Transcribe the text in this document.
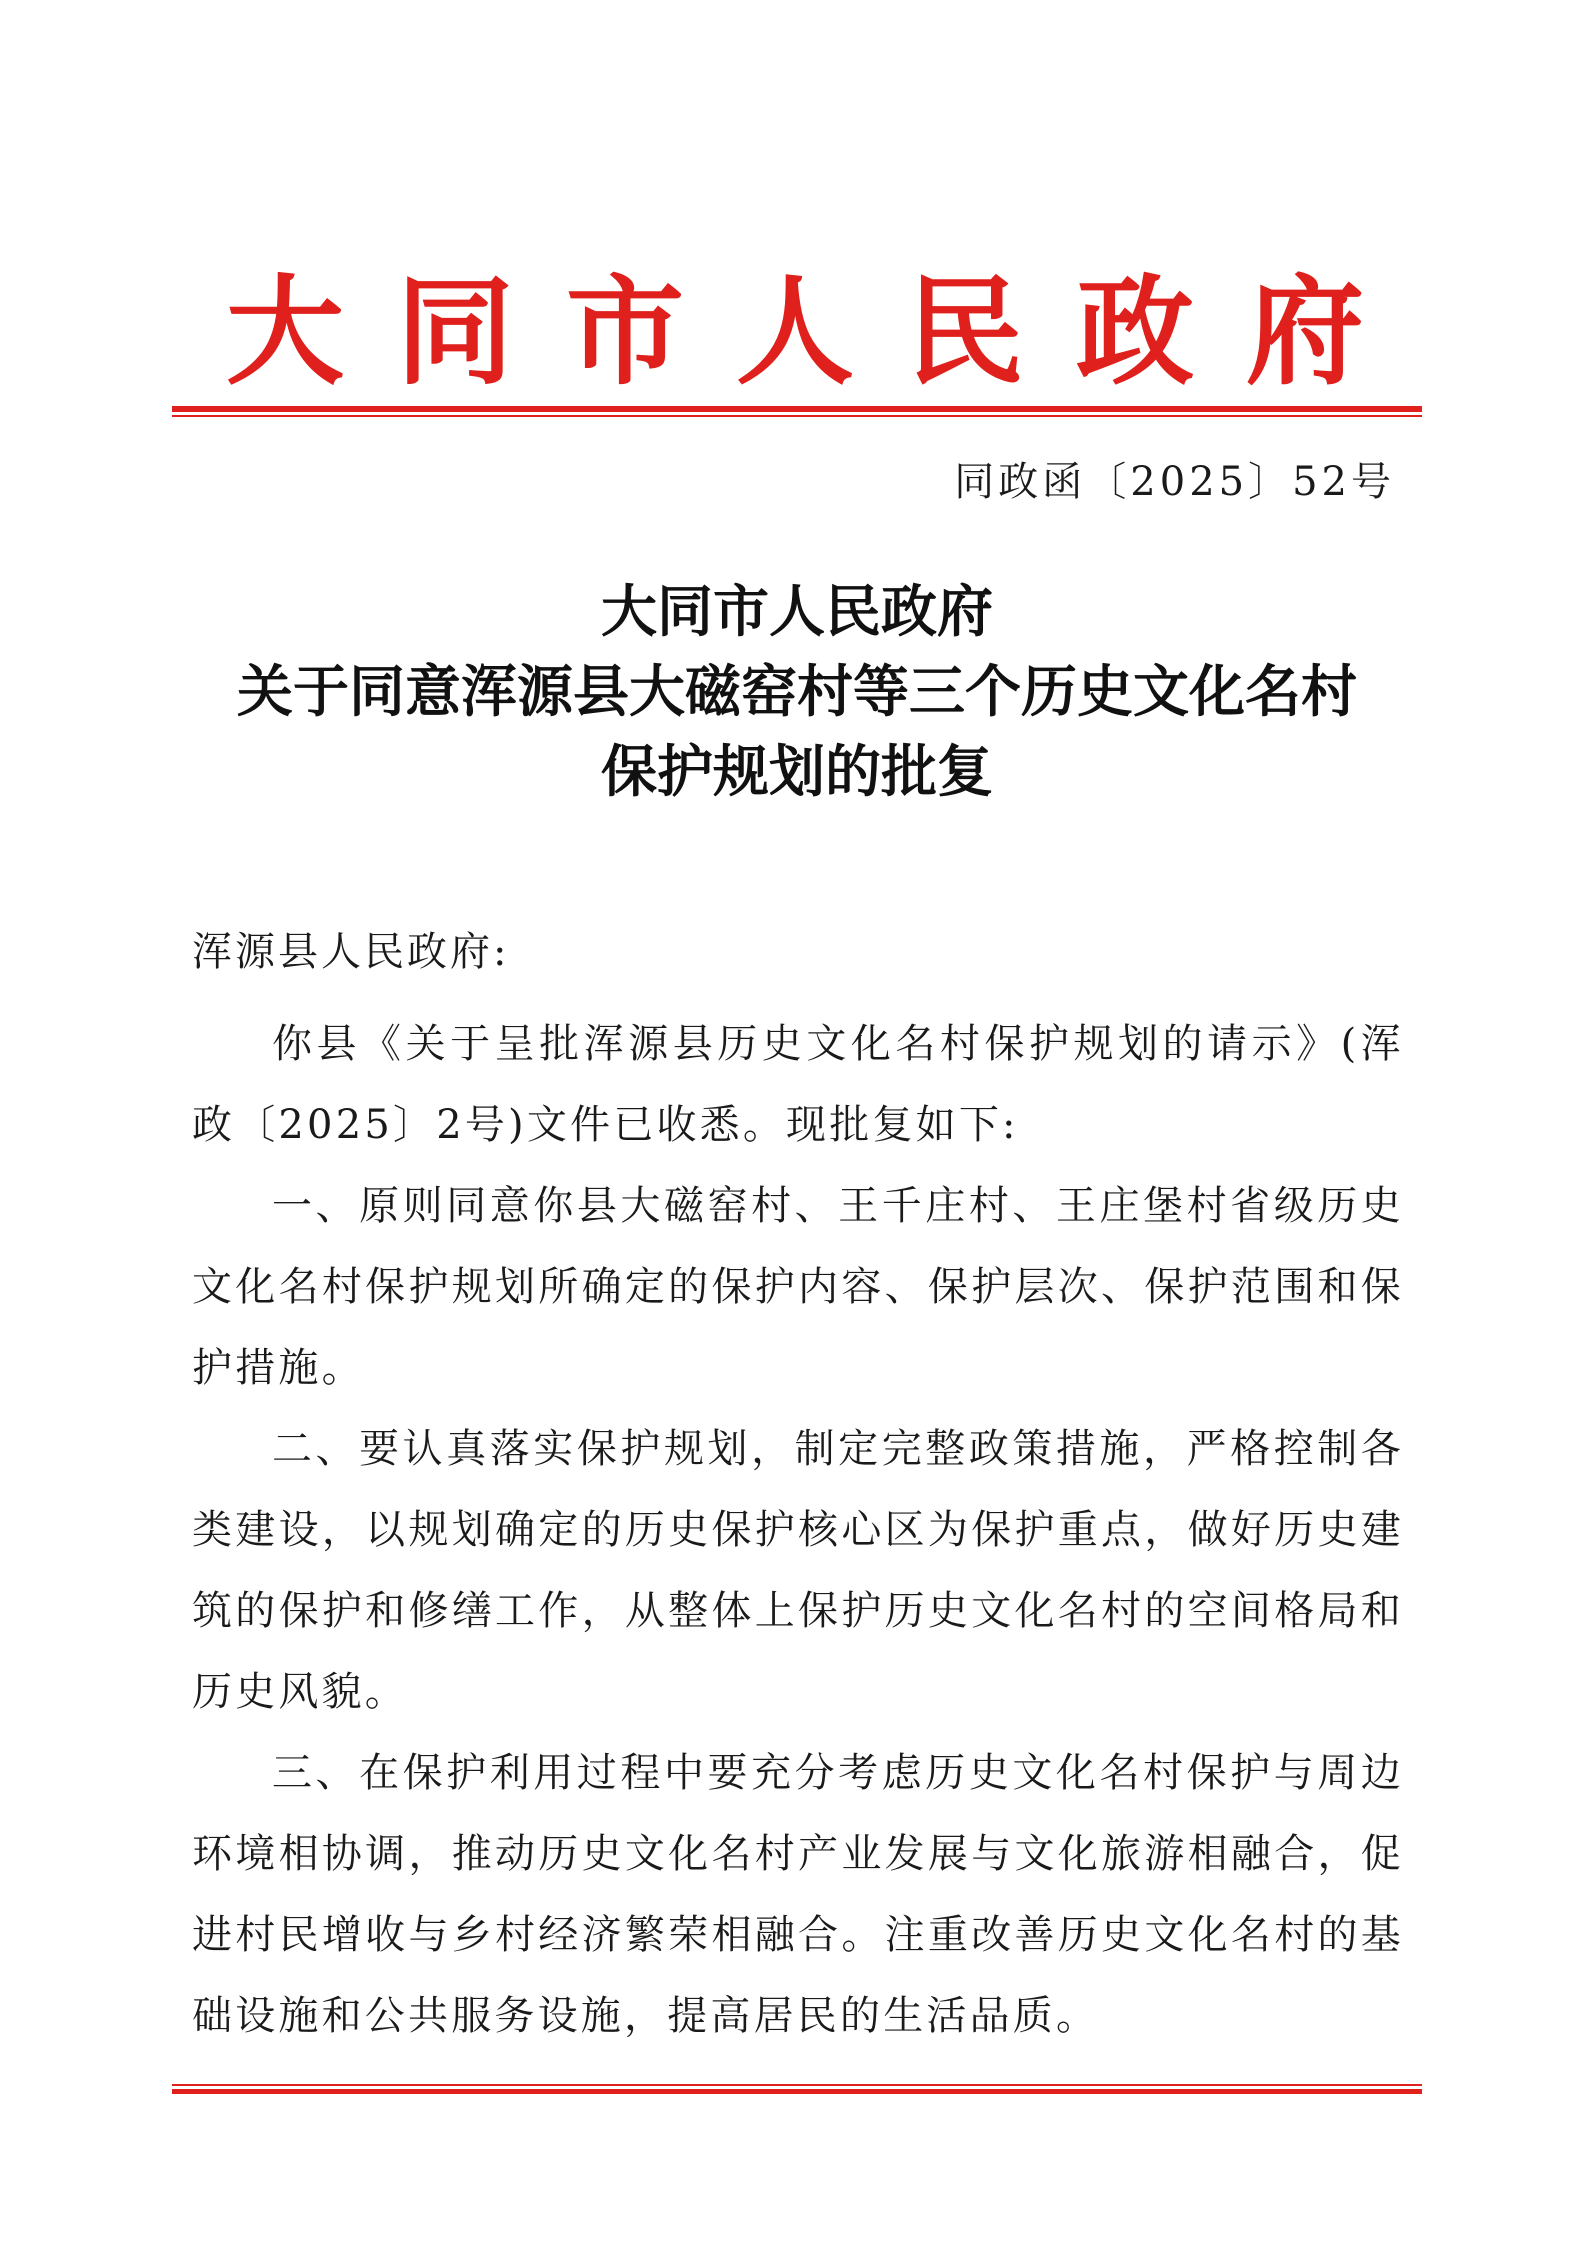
大同市人民政府
同政函〔2025〕52号
大同市人民政府
关于同意浑源县大磁窑村等三个历史文化名村
保护规划的批复
浑源县人民政府:

你县《关于呈批浑源县历史文化名村保护规划的请示》(浑政〔2025〕2号)文件已收悉。现批复如下:

一、原则同意你县大磁窑村、王千庄村、王庄堡村省级历史文化名村保护规划所确定的保护内容、保护层次、保护范围和保护措施。

二、要认真落实保护规划，制定完整政策措施，严格控制各类建设，以规划确定的历史保护核心区为保护重点，做好历史建筑的保护和修缮工作，从整体上保护历史文化名村的空间格局和历史风貌。

三、在保护利用过程中要充分考虑历史文化名村保护与周边环境相协调，推动历史文化名村产业发展与文化旅游相融合，促进村民增收与乡村经济繁荣相融合。注重改善历史文化名村的基础设施和公共服务设施，提高居民的生活品质。
